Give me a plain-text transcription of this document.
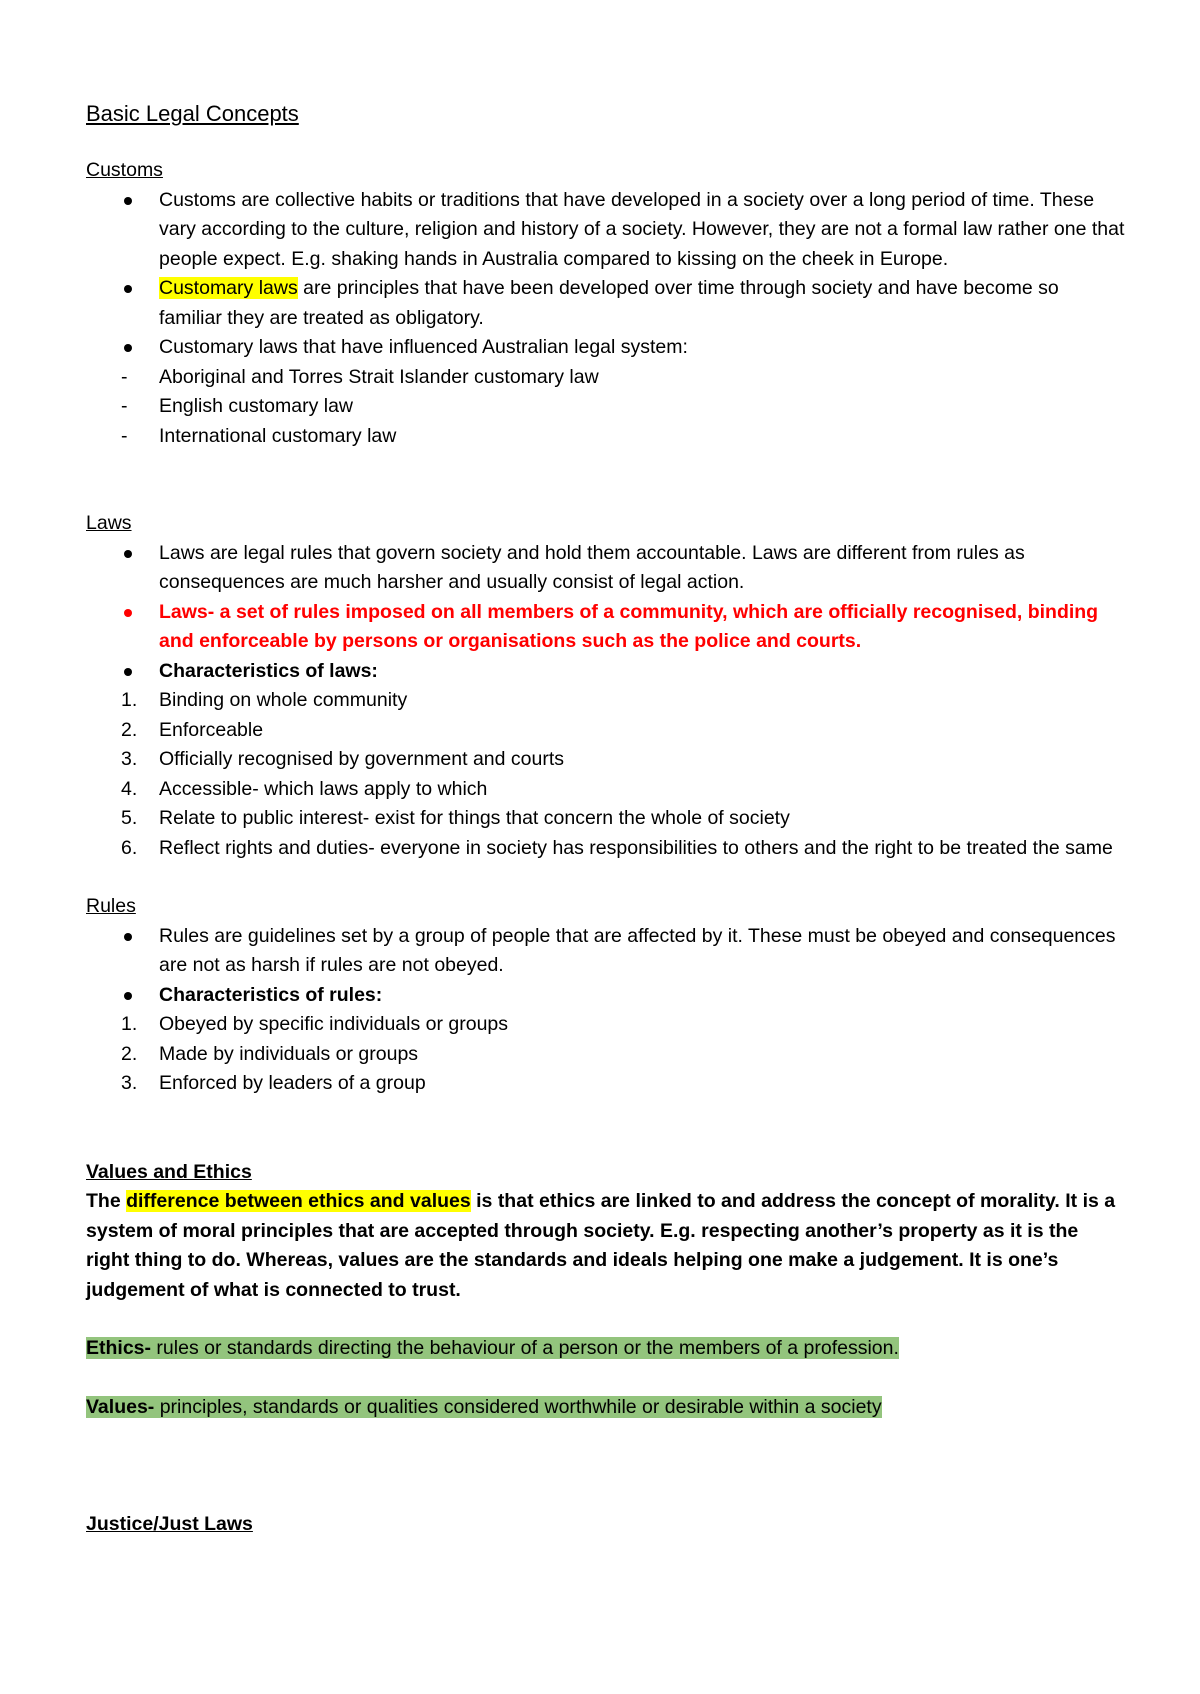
Basic Legal Concepts
Customs
Customs are collective habits or traditions that have developed in a society over a long period of time. These vary according to the culture, religion and history of a society. However, they are not a formal law rather one that people expect. E.g. shaking hands in Australia compared to kissing on the cheek in Europe.
Customary laws are principles that have been developed over time through society and have become so familiar they are treated as obligatory.
Customary laws that have influenced Australian legal system:
-	Aboriginal and Torres Strait Islander customary law
-	English customary law
-	International customary law
Laws
Laws are legal rules that govern society and hold them accountable. Laws are different from rules as consequences are much harsher and usually consist of legal action.
Laws- a set of rules imposed on all members of a community, which are officially recognised, binding and enforceable by persons or organisations such as the police and courts.
Characteristics of laws:
1.	Binding on whole community
2.	Enforceable
3.	Officially recognised by government and courts
4.	Accessible- which laws apply to which
5.	Relate to public interest- exist for things that concern the whole of society
6.	Reflect rights and duties- everyone in society has responsibilities to others and the right to be treated the same
Rules
Rules are guidelines set by a group of people that are affected by it. These must be obeyed and consequences are not as harsh if rules are not obeyed.
Characteristics of rules:
1.	Obeyed by specific individuals or groups
2.	Made by individuals or groups
3.	Enforced by leaders of a group
Values and Ethics
The difference between ethics and values is that ethics are linked to and address the concept of morality. It is a system of moral principles that are accepted through society. E.g. respecting another’s property as it is the right thing to do. Whereas, values are the standards and ideals helping one make a judgement. It is one’s judgement of what is connected to trust.
Ethics- rules or standards directing the behaviour of a person or the members of a profession.
Values- principles, standards or qualities considered worthwhile or desirable within a society
Justice/Just Laws
